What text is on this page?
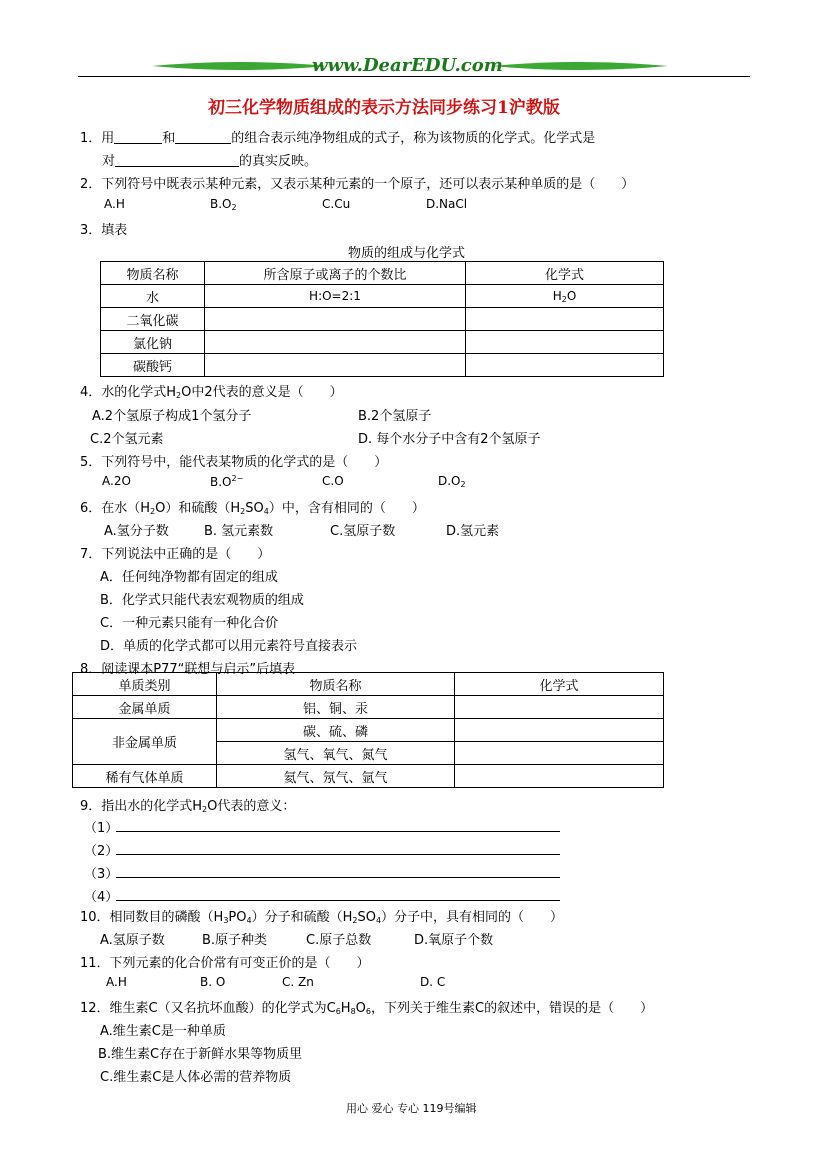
www.DearEDU.com
初三化学物质组成的表示方法同步练习1沪教版
1．用	和	的组合表示纯净物组成的式子，称为该物质的化学式。化学式是
对	的真实反映。
2．下列符号中既表示某种元素，又表示某种元素的一个原子，还可以表示某种单质的是（　　）
A.H	$B.O_2$	C.Cu	D.NaCl
3．填表
物质的组成与化学式
物质名称	所含原子或离子的个数比	化学式
水	H:O=2:1	$H_2O$
二氧化碳		
氯化钠		
碳酸钙		
4．水的化学式$H_2O$中2代表的意义是（　　）
A.2个氢原子构成1个氢分子	B.2个氢原子
C.2个氢元素	D. 每个水分子中含有2个氢原子
5．下列符号中，能代表某物质的化学式的是（　　）
A.2O	$B.O^{2-}$	C.O	$D.O_2$
6．在水$(H_2O)$和硫酸$(H_2SO_4)$中，含有相同的（　　）
A.氢分子数	B. 氢元素数	C.氢原子数	D.氢元素
7．下列说法中正确的是（　　）
A．任何纯净物都有固定的组成
B．化学式只能代表宏观物质的组成
C．一种元素只能有一种化合价
D．单质的化学式都可以用元素符号直接表示
8．阅读课本P77“联想与启示”后填表
单质类别	物质名称	化学式
金属单质	铝、铜、汞	
非金属单质	碳、硫、磷	
	氢气、氧气、氮气	
稀有气体单质	氦气、氖气、氩气	
9．指出水的化学式$H_2O$代表的意义：
（1）
（2）
（3）
（4）
10．相同数目的磷酸$(H_3PO_4)$分子和硫酸$(H_2SO_4)$分子中，具有相同的（　　）
A.氢原子数	B.原子种类	C.原子总数	D.氧原子个数
11．下列元素的化合价常有可变正价的是（　　）
A.H	B. O	C. Zn	D. C
12．维生素C（又名抗坏血酸）的化学式为$C_6H_8O_6$，下列关于维生素C的叙述中，错误的是（　　）
A.维生素C是一种单质
B.维生素C存在于新鲜水果等物质里
C.维生素C是人体必需的营养物质
用心 爱心 专心 119号编辑
